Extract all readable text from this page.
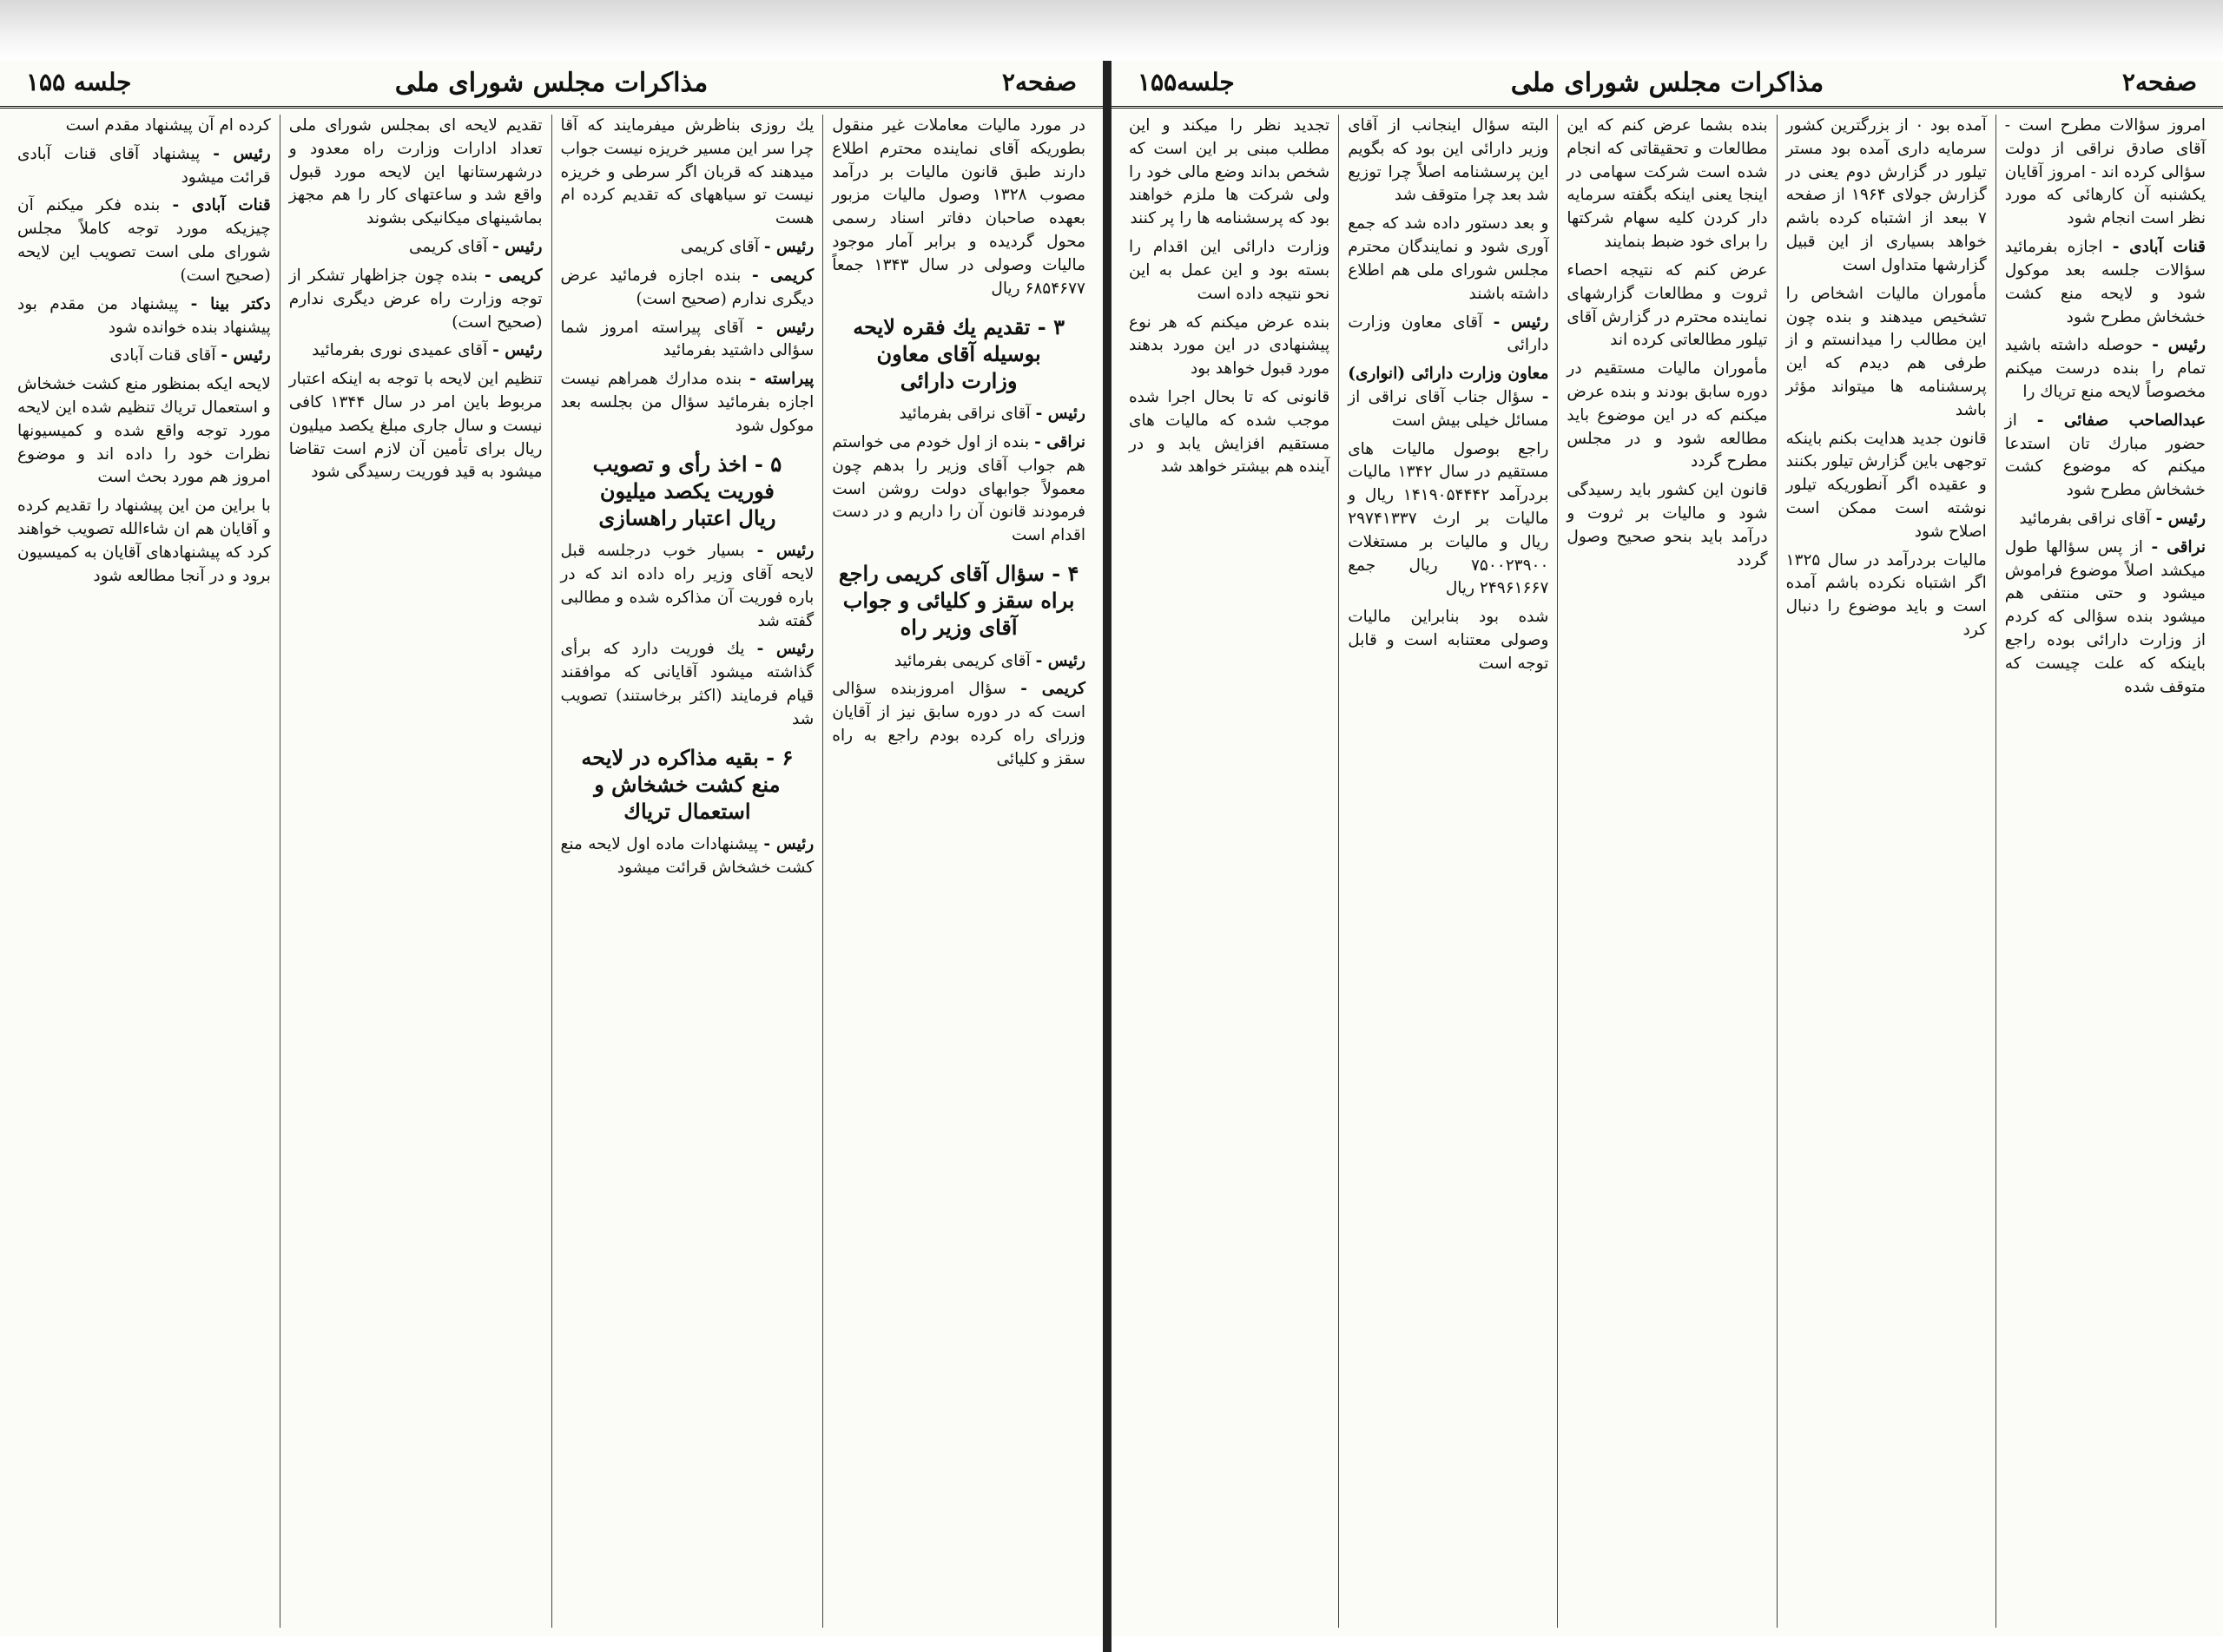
صفحه۲
مذاكرات مجلس شوراى ملى
جلسه ۱۵۵

در مورد ماليات معاملات غير منقول بطوريكه آقاى نماينده محترم اطلاع دارند طبق قانون ماليات بر درآمد مصوب ۱۳۲۸ وصول ماليات مزبور بعهده صاحبان دفاتر اسناد رسمى محول گرديده و برابر آمار موجود ماليات وصولى در سال ۱۳۴۳ جمعاً ۶۸۵۴۶۷۷ ريال

۳ - تقديم يك فقره لايحه
بوسيله آقاى معاون
وزارت دارائى

رئيس - آقاى نراقى بفرمائيد

نراقى - بنده از اول خودم مى خواستم هم جواب آقاى وزير را بدهم چون معمولاً جوابهاى دولت روشن است فرمودند قانون آن را داريم و در دست اقدام است

۴ - سؤال آقاى كريمى راجع
براه سقز و كليائى و جواب
آقاى وزير راه

رئيس - آقاى كريمى بفرمائيد

كريمى - سؤال امروزبنده سؤالى است كه در دوره سابق نيز از آقايان وزراى راه كرده بودم راجع به راه سقز و كليائى

يك روزى بناظرش ميفرمايند كه آقا چرا سر اين مسير خريزه نيست جواب ميدهند كه قربان اگر سرطى و خريزه نيست تو سياههاى كه تقديم كرده ام هست

رئيس - آقاى كريمى

كريمى - بنده اجازه فرمائيد عرض ديگرى ندارم (صحيح است)

رئيس - آقاى پيراسته امروز شما سؤالى داشتيد بفرمائيد

پيراسته - بنده مدارك همراهم نيست اجازه بفرمائيد سؤال من بجلسه بعد موكول شود

۵ - اخذ رأى و تصويب
فوريت يكصد ميليون
ريال اعتبار راهسازى

رئيس - بسيار خوب درجلسه قبل لايحه آقاى وزير راه داده اند كه در باره فوريت آن مذاكره شده و مطالبى گفته شد

رئيس - يك فوريت دارد كه برأى گذاشته ميشود آقايانى كه موافقند قيام فرمايند (اكثر برخاستند) تصويب شد

۶ - بقيه مذاكره در لايحه
منع كشت خشخاش و
استعمال ترياك

رئيس - پيشنهادات ماده اول لايحه منع كشت خشخاش قرائت ميشود

تقديم لايحه اى بمجلس شوراى ملى تعداد ادارات وزارت راه معدود و درشهرستانها اين لايحه مورد قبول واقع شد و ساعتهاى كار را هم مجهز بماشينهاى ميكانيكى بشوند

رئيس - آقاى كريمى

كريمى - بنده چون جزاظهار تشكر از توجه وزارت راه عرض ديگرى ندارم (صحيح است)

رئيس - آقاى عميدى نورى بفرمائيد

تنظيم اين لايحه با توجه به اينكه اعتبار مربوط باين امر در سال ۱۳۴۴ كافى نيست و سال جارى مبلغ يكصد ميليون ريال براى تأمين آن لازم است تقاضا ميشود به قيد فوريت رسيدگى شود

كرده ام آن پيشنهاد مقدم است

رئيس - پيشنهاد آقاى قنات آبادى قرائت ميشود

قنات آبادى - بنده فكر ميكنم آن چيزيكه مورد توجه كاملاً مجلس شوراى ملى است تصويب اين لايحه (صحيح است)

دكتر بينا - پيشنهاد من مقدم بود پيشنهاد بنده خوانده شود

رئيس - آقاى قنات آبادى

لايحه ايكه بمنظور منع كشت خشخاش و استعمال ترياك تنظيم شده اين لايحه مورد توجه واقع شده و كميسيونها نظرات خود را داده اند و موضوع امروز هم مورد بحث است

با براين من اين پيشنهاد را تقديم كرده و آقايان هم ان شاءالله تصويب خواهند كرد كه پيشنهادهاى آقايان به كميسيون برود و در آنجا مطالعه شود

صفحه۲
مذاكرات مجلس شوراى ملى
جلسه۱۵۵

امروز سؤالات مطرح است - آقاى صادق نراقى از دولت سؤالى كرده اند - امروز آقايان يكشنبه آن كارهائى كه مورد نظر است انجام شود

قنات آبادى - اجازه بفرمائيد سؤالات جلسه بعد موكول شود و لايحه منع كشت خشخاش مطرح شود

رئيس - حوصله داشته باشيد تمام را بنده درست ميكنم مخصوصاً لايحه منع ترياك را

عبدالصاحب صفائى - از حضور مبارك تان استدعا ميكنم كه موضوع كشت خشخاش مطرح شود

رئيس - آقاى نراقى بفرمائيد

نراقى - از پس سؤالها طول ميكشد اصلاً موضوع فراموش ميشود و حتى منتفى هم ميشود بنده سؤالى كه كردم از وزارت دارائى بوده راجع باينكه كه علت چيست كه متوقف شده

آمده بود ۰ از بزرگترين كشور سرمايه دارى آمده بود مستر تيلور در گزارش دوم يعنى در گزارش جولاى ۱۹۶۴ از صفحه ۷ ببعد از اشتباه كرده باشم خواهد بسيارى از اين قبيل گزارشها متداول است

مأموران ماليات اشخاص را تشخيص ميدهند و بنده چون اين مطالب را ميدانستم و از طرفى هم ديدم كه اين پرسشنامه ها ميتواند مؤثر باشد

قانون جديد هدايت بكنم باينكه توجهى باين گزارش تيلور بكنند و عقيده اگر آنطوريكه تيلور نوشته است ممكن است اصلاح شود

ماليات بردرآمد در سال ۱۳۲۵ اگر اشتباه نكرده باشم آمده است و بايد موضوع را دنبال كرد

بنده بشما عرض كنم كه اين مطالعات و تحقيقاتى كه انجام شده است شركت سهامى در اينجا يعنى اينكه بگفته سرمايه دار كردن كليه سهام شركتها را براى خود ضبط بنمايند

عرض كنم كه نتيجه احصاء ثروت و مطالعات گزارشهاى نماينده محترم در گزارش آقاى تيلور مطالعاتى كرده اند

مأموران ماليات مستقيم در دوره سابق بودند و بنده عرض ميكنم كه در اين موضوع بايد مطالعه شود و در مجلس مطرح گردد

قانون اين كشور بايد رسيدگى شود و ماليات بر ثروت و درآمد بايد بنحو صحيح وصول گردد

البته سؤال اينجانب از آقاى وزير دارائى اين بود كه بگويم اين پرسشنامه اصلاً چرا توزيع شد بعد چرا متوقف شد

و بعد دستور داده شد كه جمع آورى شود و نمايندگان محترم مجلس شوراى ملى هم اطلاع داشته باشند

رئيس - آقاى معاون وزارت دارائى

معاون وزارت دارائى (انوارى) - سؤال جناب آقاى نراقى از مسائل خيلى بيش است

راجع بوصول ماليات هاى مستقيم در سال ۱۳۴۲ ماليات بردرآمد ۱۴۱۹۰۵۴۴۴۲ ريال و ماليات بر ارث ۲۹۷۴۱۳۳۷ ريال و ماليات بر مستغلات ۷۵۰۰۲۳۹۰۰ ريال جمع ۲۴۹۶۱۶۶۷ ريال

شده بود بنابراين ماليات وصولى معتنابه است و قابل توجه است

تجديد نظر را ميكند و اين مطلب مبنى بر اين است كه شخص بداند وضع مالى خود را ولى شركت ها ملزم خواهند بود كه پرسشنامه ها را پر كنند

وزارت دارائى اين اقدام را بسته بود و اين عمل به اين نحو نتيجه داده است

بنده عرض ميكنم كه هر نوع پيشنهادى در اين مورد بدهند مورد قبول خواهد بود

قانونى كه تا بحال اجرا شده موجب شده كه ماليات هاى مستقيم افزايش يابد و در آينده هم بيشتر خواهد شد
